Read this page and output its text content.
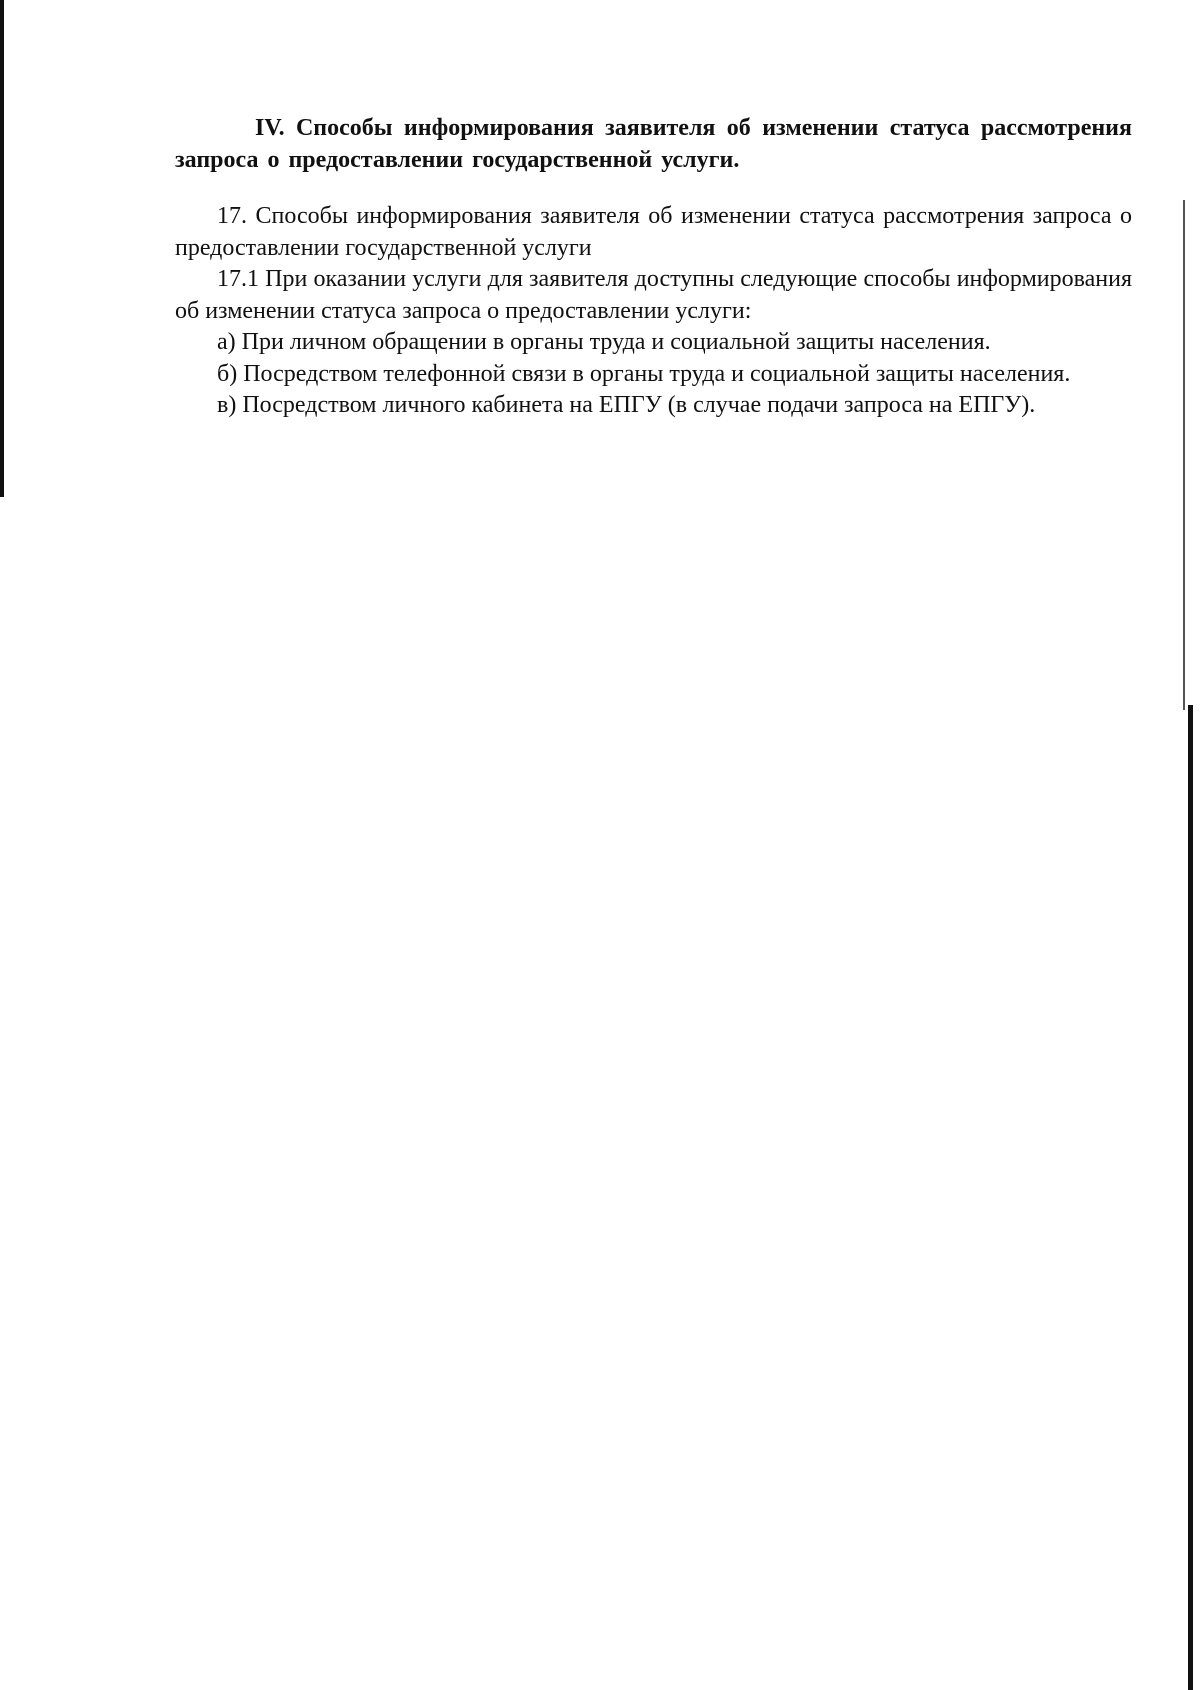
IV. Способы информирования заявителя об изменении статуса рассмотрения запроса о предоставлении государственной услуги.

17. Способы информирования заявителя об изменении статуса рассмотрения запроса о предоставлении государственной услуги

17.1 При оказании услуги для заявителя доступны следующие способы информирования об изменении статуса запроса о предоставлении услуги:

а) При личном обращении в органы труда и социальной защиты населения.

б) Посредством телефонной связи в органы труда и социальной защиты населения.

в) Посредством личного кабинета на ЕПГУ (в случае подачи запроса на ЕПГУ).
